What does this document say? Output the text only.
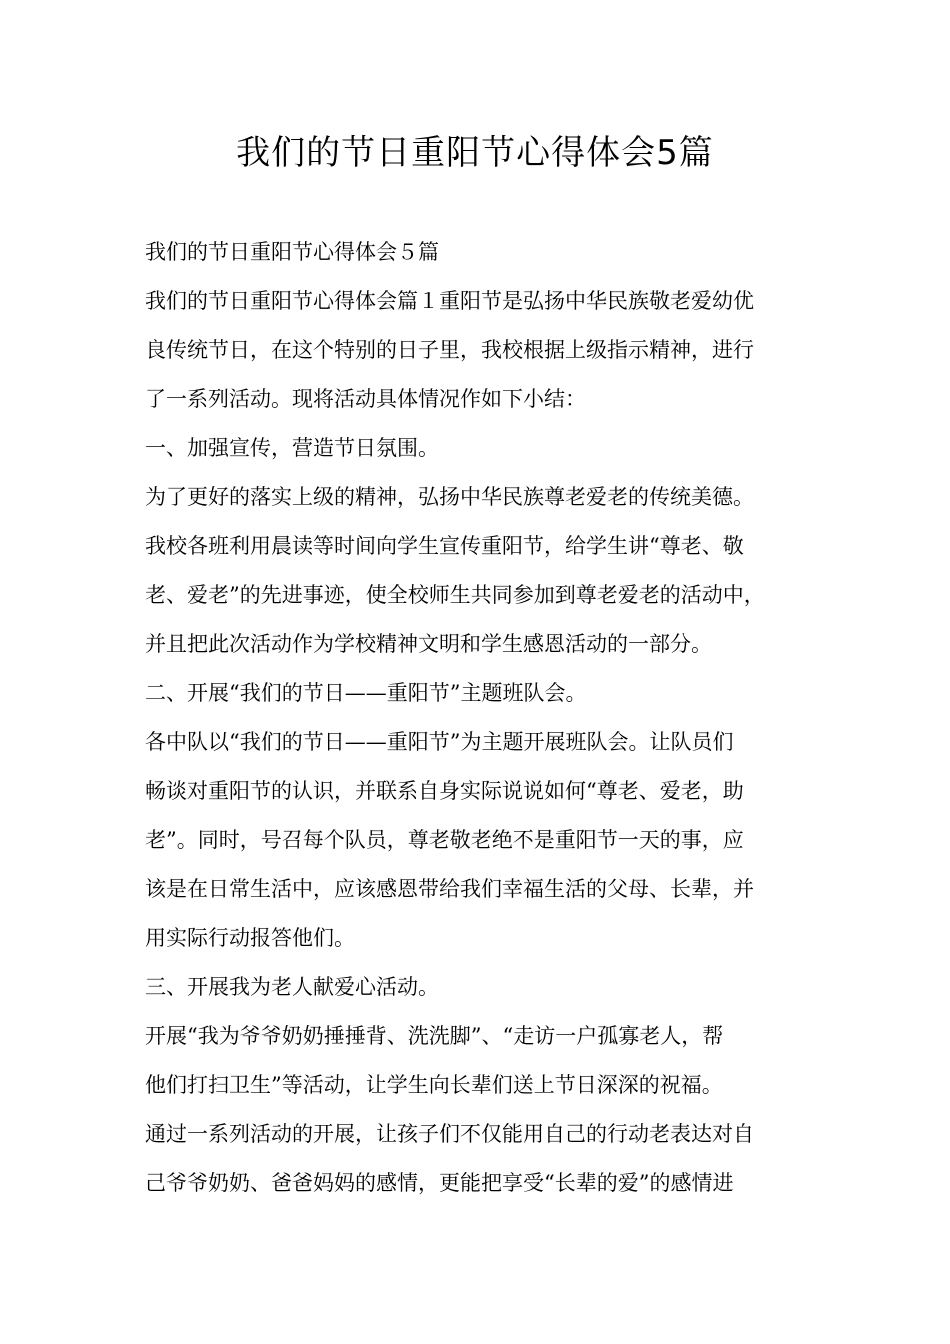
我们的节日重阳节心得体会5篇

我们的节日重阳节心得体会５篇

我们的节日重阳节心得体会篇１重阳节是弘扬中华民族敬老爱幼优

良传统节日，在这个特别的日子里，我校根据上级指示精神，进行

了一系列活动。现将活动具体情况作如下小结：

一、加强宣传，营造节日氛围。

为了更好的落实上级的精神，弘扬中华民族尊老爱老的传统美德。

我校各班利用晨读等时间向学生宣传重阳节，给学生讲“尊老、敬

老、爱老”的先进事迹，使全校师生共同参加到尊老爱老的活动中，

并且把此次活动作为学校精神文明和学生感恩活动的一部分。

二、开展“我们的节日——重阳节”主题班队会。

各中队以“我们的节日——重阳节”为主题开展班队会。让队员们

畅谈对重阳节的认识，并联系自身实际说说如何“尊老、爱老，助

老”。同时，号召每个队员，尊老敬老绝不是重阳节一天的事，应

该是在日常生活中，应该感恩带给我们幸福生活的父母、长辈，并

用实际行动报答他们。

三、开展我为老人献爱心活动。

开展“我为爷爷奶奶捶捶背、洗洗脚”、“走访一户孤寡老人，帮

他们打扫卫生”等活动，让学生向长辈们送上节日深深的祝福。

通过一系列活动的开展，让孩子们不仅能用自己的行动老表达对自

己爷爷奶奶、爸爸妈妈的感情，更能把享受“长辈的爱”的感情进
